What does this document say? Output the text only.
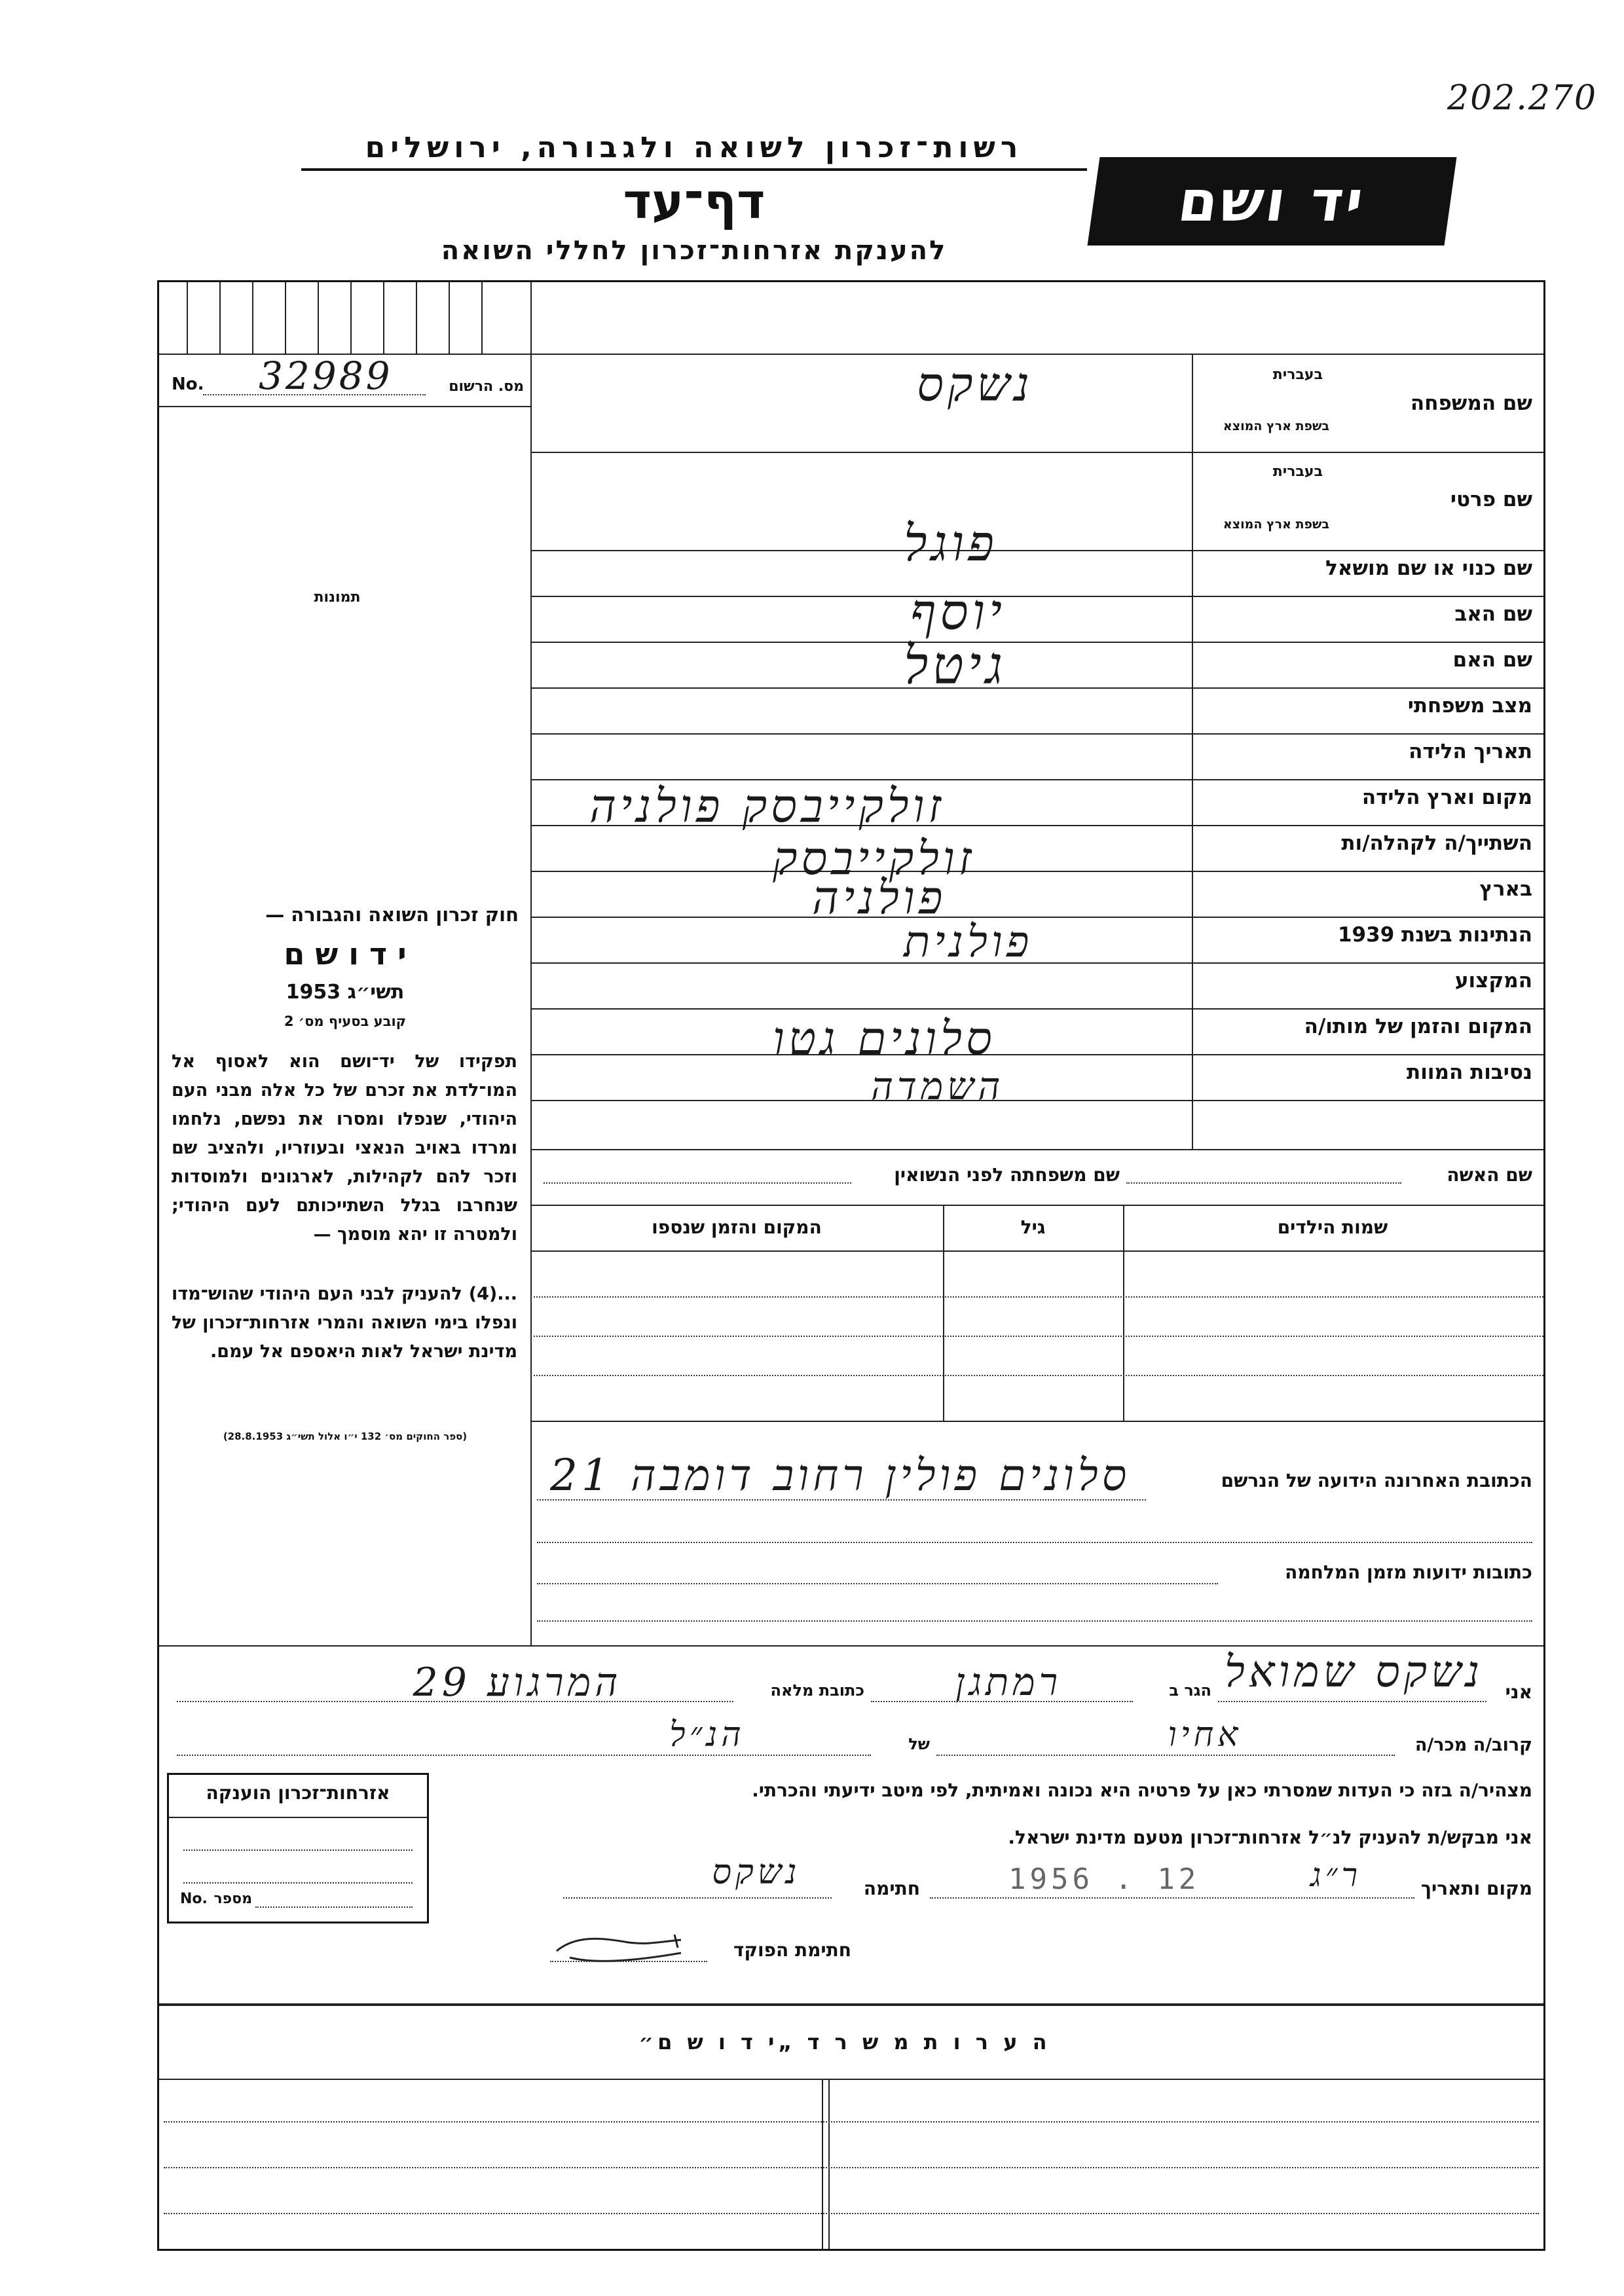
202.270
רשות־זכרון לשואה ולגבורה, ירושלים
דף־עד
להענקת אזרחות־זכרון לחללי השואה
יד ושם
No. 32989	מס. הרשום
תמונות
חוק זכרון השואה והגבורה —
י ד ו ש ם
תשי״ג 1953
קובע בסעיף מס׳ 2
תפקידו של יד־ושם הוא לאסוף אל המו־לדת את זכרם של כל אלה מבני העם היהודי, שנפלו ומסרו את נפשם, נלחמו ומרדו באויב הנאצי ובעוזריו, ולהציב שם וזכר להם לקהילות, לארגונים ולמוסדות שנחרבו בגלל השתייכותם לעם היהודי; ולמטרה זו יהא מוסמך —
...(4) להעניק לבני העם היהודי שהוש־מדו ונפלו בימי השואה והמרי אזרחות־זכרון של מדינת ישראל לאות היאספם אל עמם.
(ספר החוקים מס׳ 132 י״ו אלול תשי״ג 28.8.1953)
בעברית
שם המשפחה
בשפת ארץ המוצא
נשקס
בעברית
שם פרטי
בשפת ארץ המוצא
פוגל	שם כנוי או שם מושאל
שם האב
יוסף
שם האם
גיטל
מצב משפחתי
תאריך הלידה
מקום וארץ הלידה
זולקייבסק פולניה
השתייך/ה לקהלה/ות
זולקייבסק
בארץ
פולניה
הנתינות בשנת 1939
פולנית
המקצוע
המקום והזמן של מותו/ה
סלונים גטו
נסיבות המוות
השמדה
שם האשה
שם משפחתה לפני הנשואין
שמות הילדים
גיל
המקום והזמן שנספו
הכתובת האחרונה הידועה של הנרשם
סלונים פולין רחוב דומבה 21
כתובות ידועות מזמן המלחמה
אני
נשקס שמואל
הגר ב
רמתגן
כתובת מלאה
המרגוע 29
קרוב/ה מכר/ה
אחיו
של
הנ״ל
מצהיר/ה בזה כי העדות שמסרתי כאן על פרטיה היא נכונה ואמיתית, לפי מיטב ידיעתי והכרתי.
אזרחות־זכרון הוענקה
No. מספר
אני מבקש/ת להעניק לנ״ל אזרחות־זכרון מטעם מדינת ישראל.
מקום ותאריך
ר״ג
1956 . 12
חתימה
נשקס
חתימת הפוקד
ה ע ר ו ת מ ש ר ד „י ד ו ש ם״
